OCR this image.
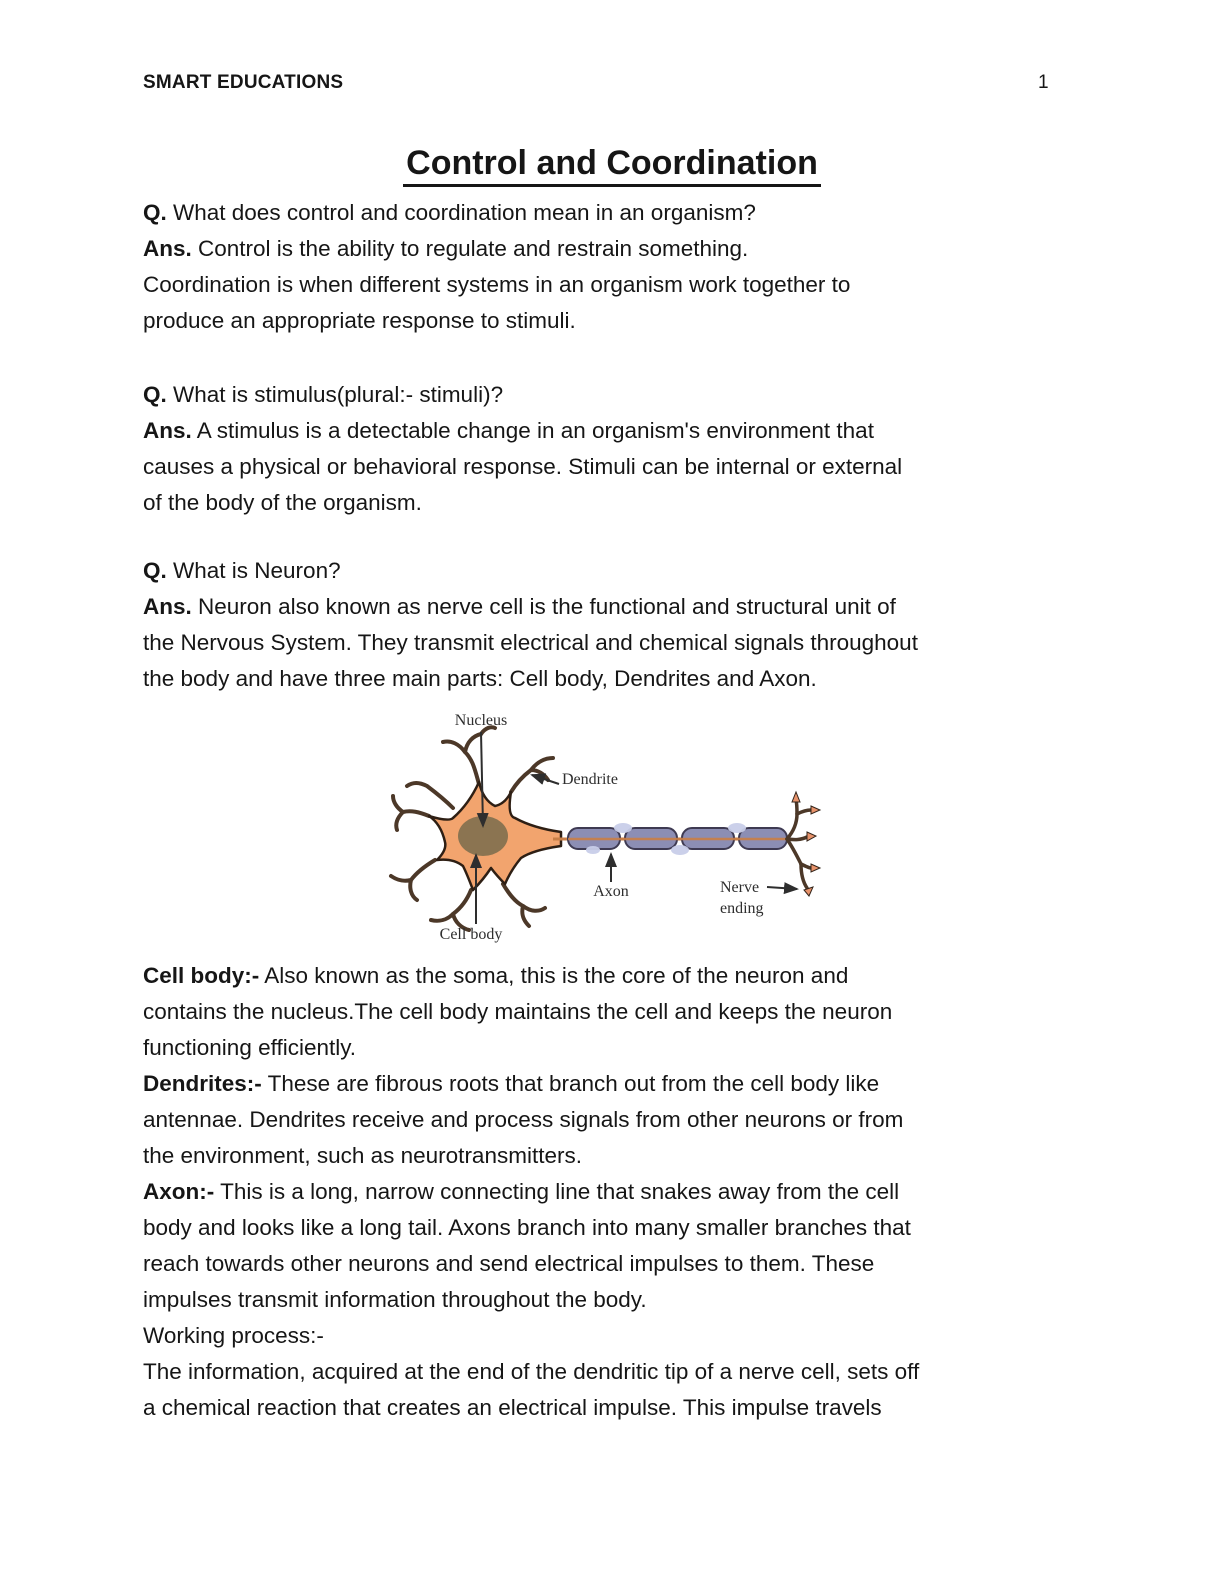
SMART EDUCATIONS	1
Control and Coordination
Q. What does control and coordination mean in an organism?
Ans. Control is the ability to regulate and restrain something.
Coordination is when different systems in an organism work together to
produce an appropriate response to stimuli.
Q. What is stimulus(plural:- stimuli)?
Ans. A stimulus is a detectable change in an organism's environment that
causes a physical or behavioral response. Stimuli can be internal or external
of the body of the organism.
Q. What is Neuron?
Ans. Neuron also known as nerve cell is the functional and structural unit of
the Nervous System. They transmit electrical and chemical signals throughout
the body and have three main parts: Cell body, Dendrites and Axon.
Cell body:- Also known as the soma, this is the core of the neuron and
contains the nucleus.The cell body maintains the cell and keeps the neuron
functioning efficiently.
Dendrites:- These are fibrous roots that branch out from the cell body like
antennae. Dendrites receive and process signals from other neurons or from
the environment, such as neurotransmitters.
Axon:- This is a long, narrow connecting line that snakes away from the cell
body and looks like a long tail. Axons branch into many smaller branches that
reach towards other neurons and send electrical impulses to them. These
impulses transmit information throughout the body.
Working process:-
The information, acquired at the end of the dendritic tip of a nerve cell, sets off
a chemical reaction that creates an electrical impulse. This impulse travels
Nucleus
Dendrite
Axon	Nerve
ending
Cell body
